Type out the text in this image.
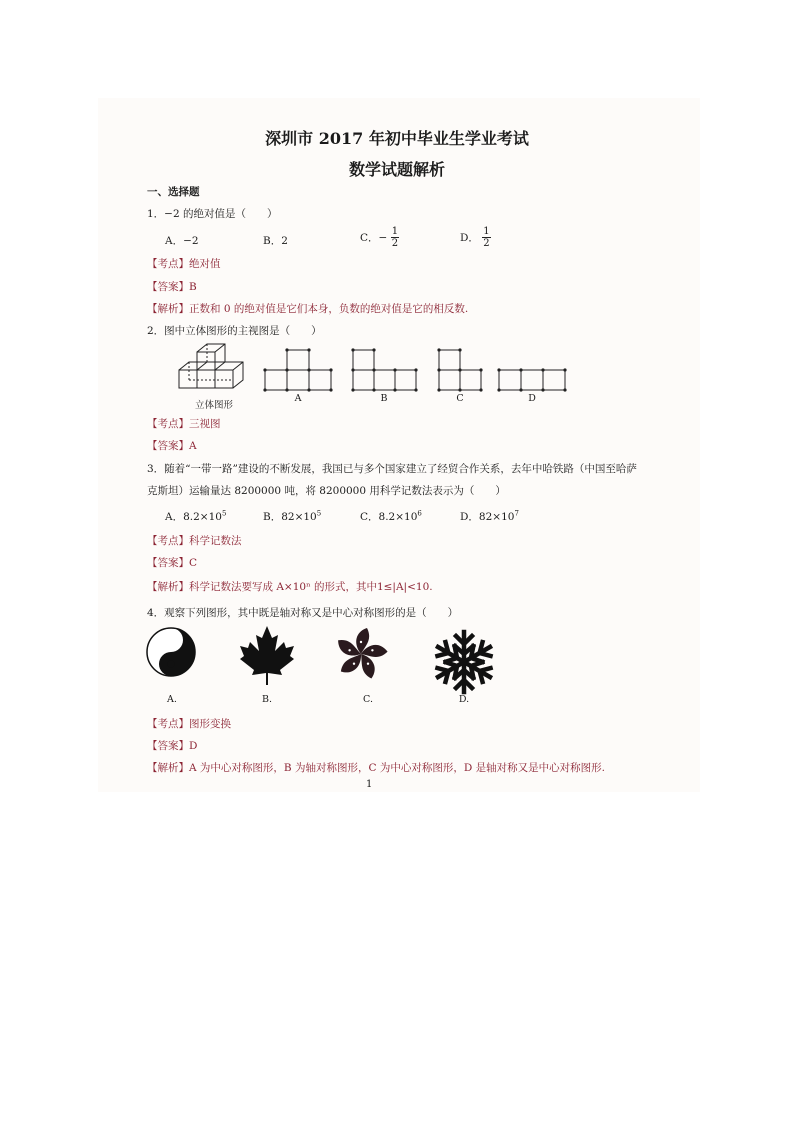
深圳市 2017 年初中毕业生学业考试
数学试题解析
一、选择题
1．−2 的绝对值是（　　）
A．−2	B．2	C．− $\frac{1}{2}$	D． $\frac{1}{2}$
【考点】绝对值
【答案】B
【解析】正数和 0 的绝对值是它们本身，负数的绝对值是它的相反数.
2．图中立体图形的主视图是（　　）
立体图形
A	B	C	D
【考点】三视图
【答案】A
3．随着“一带一路”建设的不断发展，我国已与多个国家建立了经贸合作关系，去年中哈铁路（中国至哈萨
克斯坦）运输量达 8200000 吨，将 8200000 用科学记数法表示为（　　）
A．$8.2\times 10^5$	B．$82\times 10^5$	C．$8.2\times 10^6$	D．$82\times 10^7$
【考点】科学记数法
【答案】C
【解析】科学记数法要写成 A×10ⁿ 的形式，其中1≤|A|<10.
4．观察下列图形，其中既是轴对称又是中心对称图形的是（　　）
A.	B.	C.	D.
【考点】图形变换
【答案】D
【解析】A 为中心对称图形，B 为轴对称图形，C 为中心对称图形，D 是轴对称又是中心对称图形.
1
